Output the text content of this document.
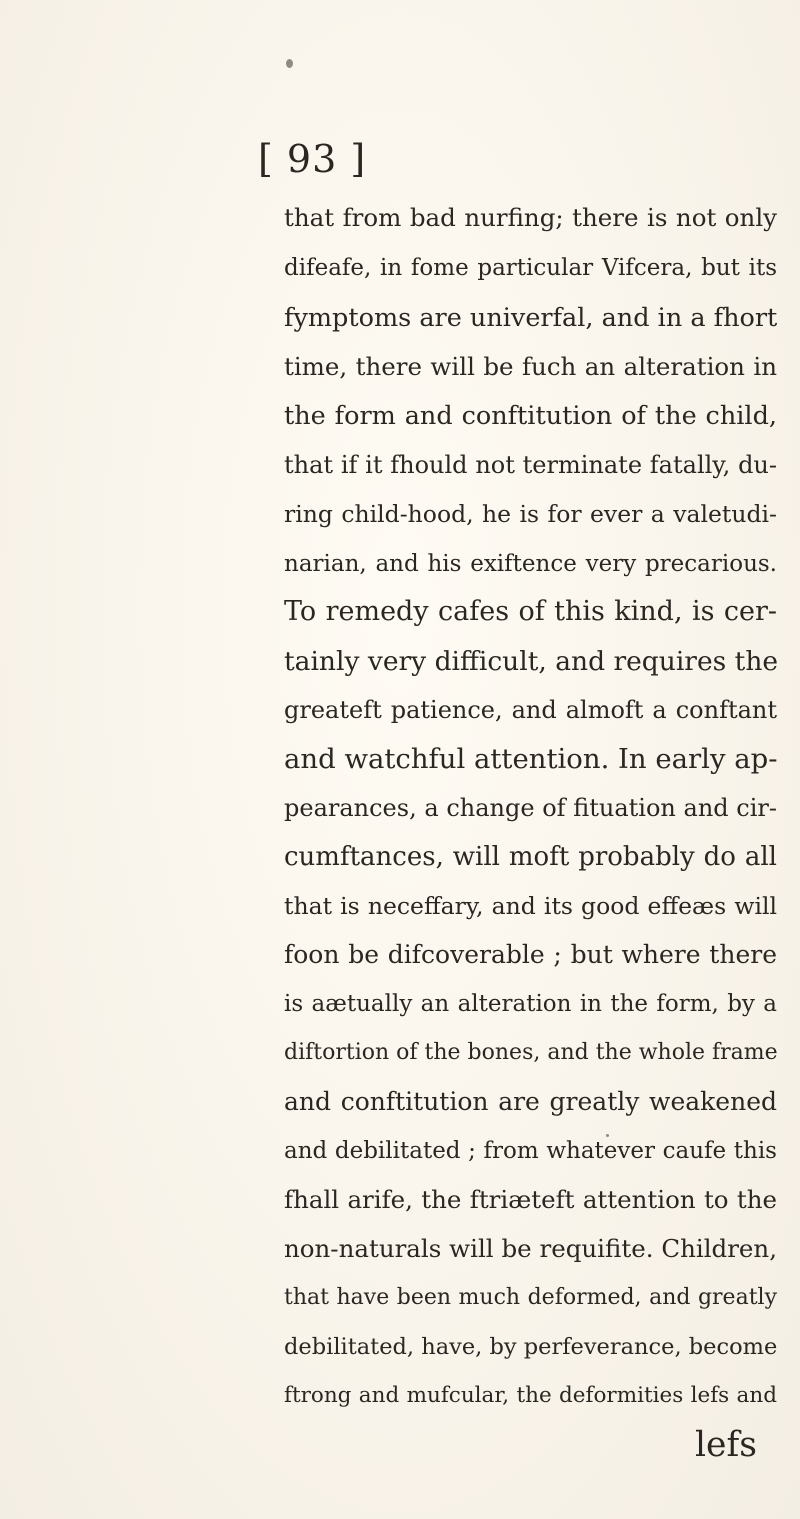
[ 93 ]
that from bad nurfing; there is not only
difeafe, in fome particular Vifcera, but its
fymptoms are univerfal, and in a fhort
time, there will be fuch an alteration in
the form and conftitution of the child,
that if it fhould not terminate fatally, du-
ring child-hood, he is for ever a valetudi-
narian, and his exiftence very precarious.
To remedy cafes of this kind, is cer-
tainly very difficult, and requires the
greateft patience, and almoft a conftant
and watchful attention. In early ap-
pearances, a change of fituation and cir-
cumftances, will moft probably do all
that is neceffary, and its good effeæs will
foon be difcoverable ; but where there
is aætually an alteration in the form, by a
diftortion of the bones, and the whole frame
and conftitution are greatly weakened
and debilitated ; from whatever caufe this
fhall arife, the ftriæteft attention to the
non-naturals will be requifite. Children,
that have been much deformed, and greatly
debilitated, have, by perfeverance, become
ftrong and mufcular, the deformities lefs and
lefs
